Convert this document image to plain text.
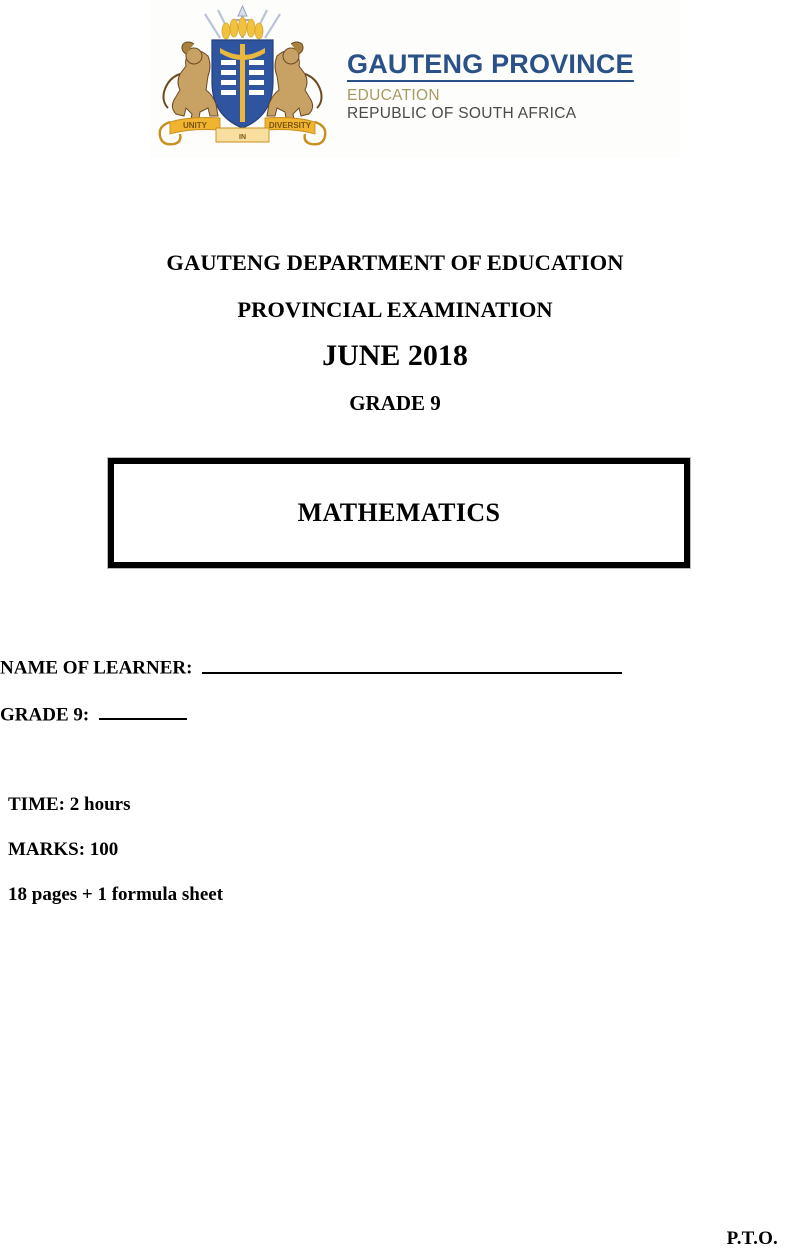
UNITY	DIVERSITY
IN
GAUTENG PROVINCE
EDUCATION
REPUBLIC OF SOUTH AFRICA
GAUTENG DEPARTMENT OF EDUCATION
PROVINCIAL EXAMINATION
JUNE 2018
GRADE 9
MATHEMATICS
NAME OF LEARNER:
GRADE 9:
TIME: 2 hours
MARKS: 100
18 pages + 1 formula sheet
P.T.O.
